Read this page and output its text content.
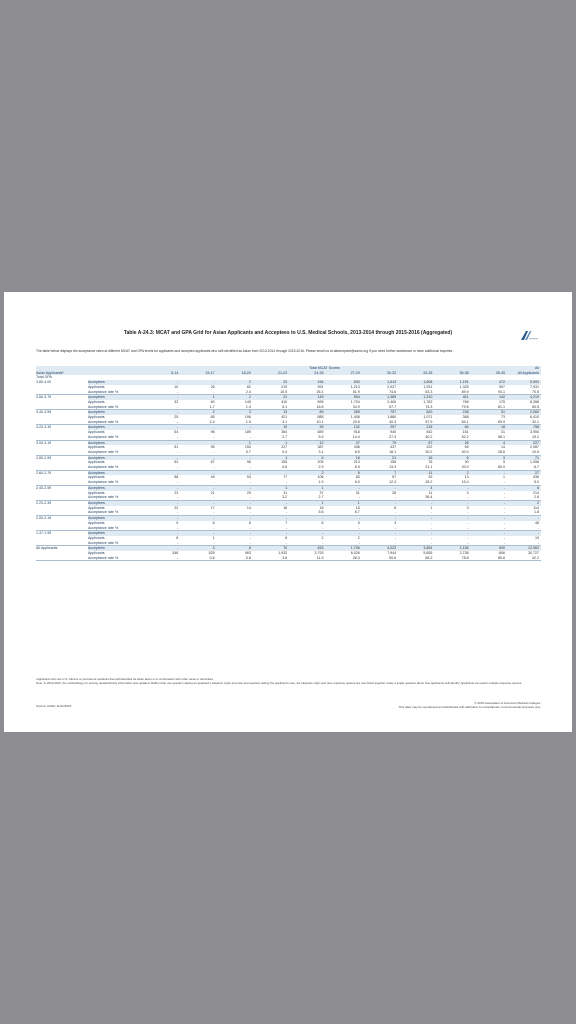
Table A-24.3: MCAT and GPA Grid for Asian Applicants and Acceptees to U.S. Medical Schools, 2013-2014 through 2015-2016 (Aggregated)
The table below displays the acceptance rates at different MCAT and GPA levels for applicants and accepted applicants who self-identified as Asian from 2013-2014 through 2015-2016. Please email us at datarequest@aamc.org if you need further assistance or have additional inquiries.
		Total MCAT Scores										All
Asian Applicants¹		5-14	15-17	18-20	21-23	24-26	27-29	30-32	33-35	36-38	39-45	All Applicants
Total GPA												
3.80-4.00	Acceptees	-	-	2	23	154	630	1,513	1,608	1,191	472	5,593
	Applicants	10	26	82	219	591	1,213	2,027	1,931	1,325	507	7,931
	Acceptance rate %	-	-	2.4	10.5	26.1	51.9	74.6	83.3	89.9	93.1	70.5
3.60-3.79	Acceptees	-	1	2	21	149	594	1,389	1,310	811	142	4,219
	Applicants	33	60	145	410	895	1,704	2,406	1,762	768	175	8,358
	Acceptance rate %	-	1.7	1.4	5.1	16.6	34.9	57.7	74.3	79.6	81.1	50.5
3.40-3.59	Acceptees	-	2	3	13	89	289	757	620	236	51	2,060
	Applicants	25	85	196	421	885	1,406	1,880	1,071	368	73	6,410
	Acceptance rate %	-	2.4	1.5	3.1	10.1	20.6	40.3	57.9	64.1	69.9	32.1
3.20-3.39	Acceptees	-	-	-	10	39	132	257	218	84	18	758
	Applicants	54	96	189	364	659	918	940	542	161	31	3,954
	Acceptance rate %	-	-	-	2.7	5.9	14.4	27.3	40.2	52.2	58.1	19.2
3.00-3.19	Acceptees	-	-	1	1	12	37	79	67	26	4	227
	Applicants	51	95	153	227	387	436	437	222	65	14	2,087
	Acceptance rate %	-	-	0.7	0.4	3.1	8.5	18.1	30.2	40.0	28.6	10.9
2.80-2.99	Acceptees	-	-	-	1	6	18	21	16	6	3	71
	Applicants	53	67	96	155	205	213	158	76	30	5	1,058
	Acceptance rate %	-	-	-	0.6	2.9	8.5	13.3	21.1	20.0	60.0	6.7
2.60-2.79	Acceptees	-	-	-	-	2	5	7	11	2	-	27
	Applicants	58	49	53	77	106	83	57	39	13	1	536
	Acceptance rate %	-	-	-	-	1.9	6.0	12.3	28.2	15.4	-	5.0
2.40-2.59	Acceptees	-	-	-	1	1	-	-	4	-	-	6
	Applicants	23	21	29	31	37	31	28	11	3	-	214
	Acceptance rate %	-	-	-	3.2	2.7	-	-	36.4	-	-	2.8
2.20-2.39	Acceptees	-	-	-	-	1	1	-	-	-	-	2
	Applicants	22	17	14	16	18	15	8	1	3	-	114
	Acceptance rate %	-	-	-	-	5.6	6.7	-	-	-	-	1.8
2.00-2.19	Acceptees	-	-	-	-	-	-	-	-	-	-	-
	Applicants	9	8	6	7	8	5	3	-	-	-	46
	Acceptance rate %	-	-	-	-	-	-	-	-	-	-	-
1.47-1.99	Acceptees	-	-	-	-	-	-	-	-	-	-	-
	Applicants	8	1	-	6	2	2	-	-	-	-	19
	Acceptance rate %	-	-	-	-	-	-	-	-	-	-	-
All Applicants	Acceptees	-	3	8	70	453	1,706	4,023	3,854	2,156	690	12,963
	Applicants	346	525	963	1,933	3,793	6,026	7,944	5,655	2,736	806	30,727
	Acceptance rate %	-	0.6	0.8	3.6	11.9	28.3	50.6	68.2	78.8	85.6	42.2
¹Applicants who are U.S. citizens or permanent residents that self-identified as Asian alone or in combination with other races or ethnicities.
Note: In 2013-2016, the methodology for scoring racial/ethnicity information was updated. Rather than one question asking an applicant's Hispanic origin and race and question asking the applicant's race, the Hispanic origin and race response options are now listed together under a single question about how applicants self-identify. Applicants can select multiple response options.
Source: AAMC 11/21/2015
© 2016 Association of American Medical Colleges.
This data may be reproduced and distributed with attribution for educational, noncommercial purposes only.
